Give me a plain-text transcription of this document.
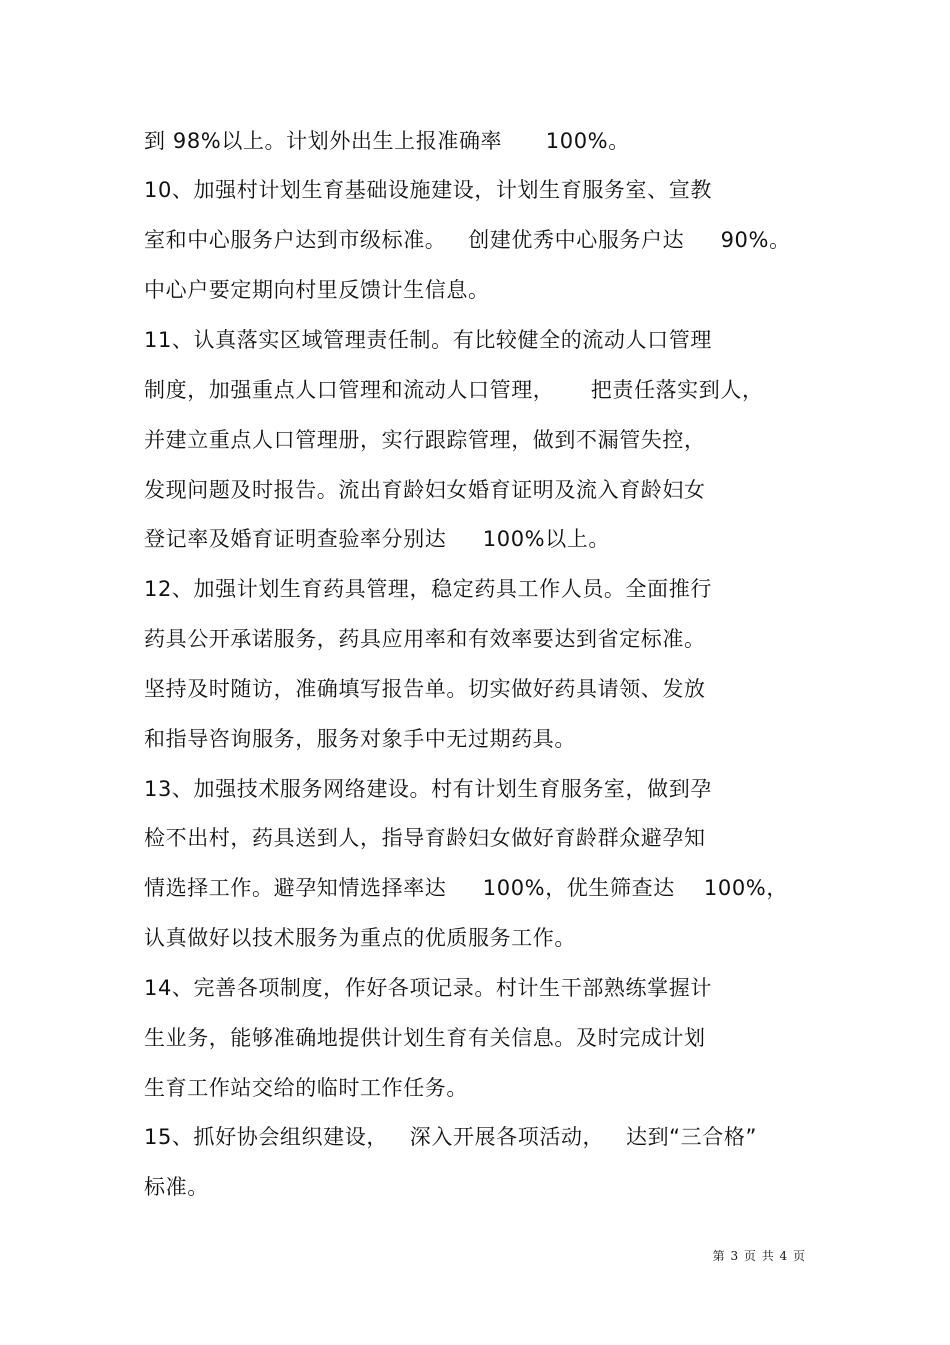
到 98%以上。计划外出生上报准确率      100%。
10、加强村计划生育基础设施建设，计划生育服务室、宣教
室和中心服务户达到市级标准。   创建优秀中心服务户达     90%。
中心户要定期向村里反馈计生信息。
11、认真落实区域管理责任制。有比较健全的流动人口管理
制度，加强重点人口管理和流动人口管理，     把责任落实到人，
并建立重点人口管理册，实行跟踪管理，做到不漏管失控，
发现问题及时报告。流出育龄妇女婚育证明及流入育龄妇女
登记率及婚育证明查验率分别达     100%以上。
12、加强计划生育药具管理，稳定药具工作人员。全面推行
药具公开承诺服务，药具应用率和有效率要达到省定标准。
坚持及时随访，准确填写报告单。切实做好药具请领、发放
和指导咨询服务，服务对象手中无过期药具。
13、加强技术服务网络建设。村有计划生育服务室，做到孕
检不出村，药具送到人，指导育龄妇女做好育龄群众避孕知
情选择工作。避孕知情选择率达     100%，优生筛查达    100%，
认真做好以技术服务为重点的优质服务工作。
14、完善各项制度，作好各项记录。村计生干部熟练掌握计
生业务，能够准确地提供计划生育有关信息。及时完成计划
生育工作站交给的临时工作任务。
15、抓好协会组织建设，   深入开展各项活动，   达到“三合格”
标准。
第 3 页 共 4 页
